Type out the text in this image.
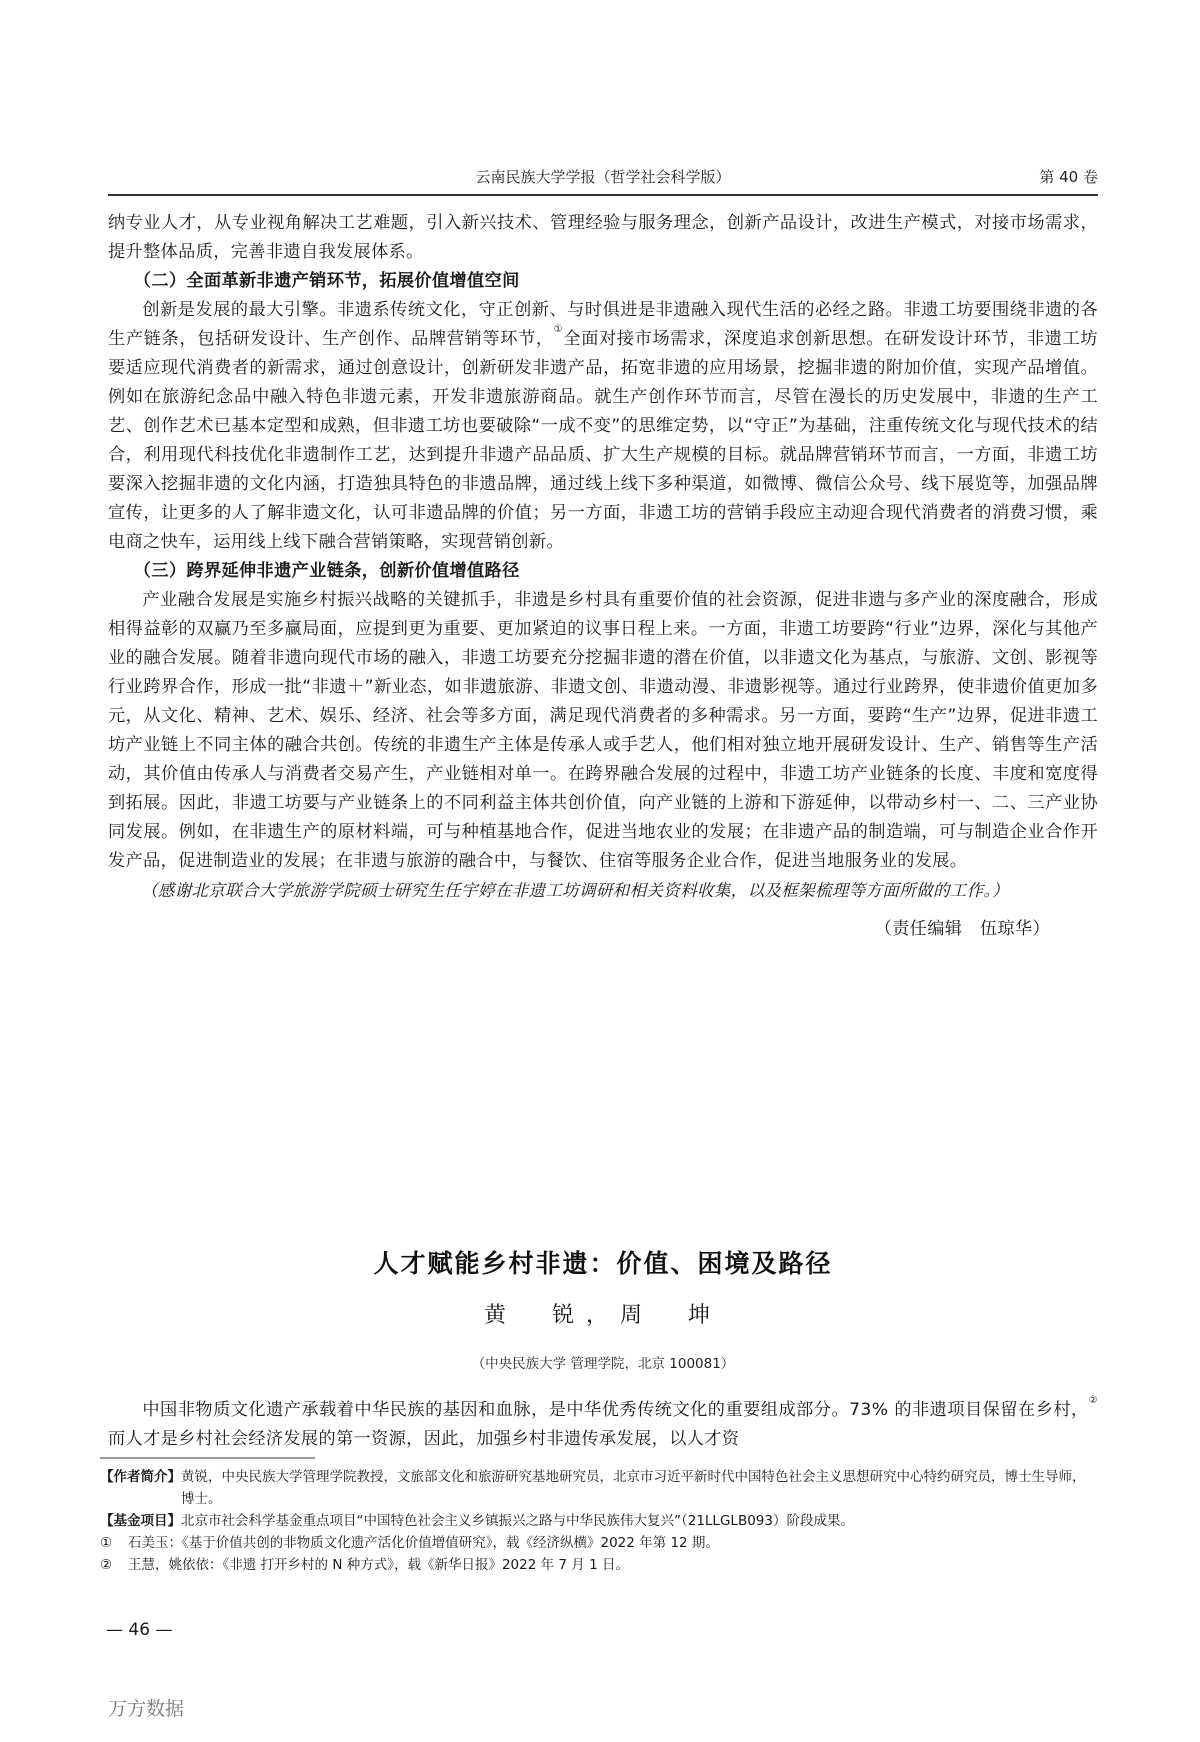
云南民族大学学报（哲学社会科学版）	第 40 卷

纳专业人才，从专业视角解决工艺难题，引入新兴技术、管理经验与服务理念，创新产品设计，改进生产模式，对接市场需求，提升整体品质，完善非遗自我发展体系。

（二）全面革新非遗产销环节，拓展价值增值空间

创新是发展的最大引擎。非遗系传统文化，守正创新、与时俱进是非遗融入现代生活的必经之路。非遗工坊要围绕非遗的各生产链条，包括研发设计、生产创作、品牌营销等环节，①全面对接市场需求，深度追求创新思想。在研发设计环节，非遗工坊要适应现代消费者的新需求，通过创意设计，创新研发非遗产品，拓宽非遗的应用场景，挖掘非遗的附加价值，实现产品增值。例如在旅游纪念品中融入特色非遗元素，开发非遗旅游商品。就生产创作环节而言，尽管在漫长的历史发展中，非遗的生产工艺、创作艺术已基本定型和成熟，但非遗工坊也要破除“一成不变”的思维定势，以“守正”为基础，注重传统文化与现代技术的结合，利用现代科技优化非遗制作工艺，达到提升非遗产品品质、扩大生产规模的目标。就品牌营销环节而言，一方面，非遗工坊要深入挖掘非遗的文化内涵，打造独具特色的非遗品牌，通过线上线下多种渠道，如微博、微信公众号、线下展览等，加强品牌宣传，让更多的人了解非遗文化，认可非遗品牌的价值；另一方面，非遗工坊的营销手段应主动迎合现代消费者的消费习惯，乘电商之快车，运用线上线下融合营销策略，实现营销创新。

（三）跨界延伸非遗产业链条，创新价值增值路径

产业融合发展是实施乡村振兴战略的关键抓手，非遗是乡村具有重要价值的社会资源，促进非遗与多产业的深度融合，形成相得益彰的双赢乃至多赢局面，应提到更为重要、更加紧迫的议事日程上来。一方面，非遗工坊要跨“行业”边界，深化与其他产业的融合发展。随着非遗向现代市场的融入，非遗工坊要充分挖掘非遗的潜在价值，以非遗文化为基点，与旅游、文创、影视等行业跨界合作，形成一批“非遗＋”新业态，如非遗旅游、非遗文创、非遗动漫、非遗影视等。通过行业跨界，使非遗价值更加多元，从文化、精神、艺术、娱乐、经济、社会等多方面，满足现代消费者的多种需求。另一方面，要跨“生产”边界，促进非遗工坊产业链上不同主体的融合共创。传统的非遗生产主体是传承人或手艺人，他们相对独立地开展研发设计、生产、销售等生产活动，其价值由传承人与消费者交易产生，产业链相对单一。在跨界融合发展的过程中，非遗工坊产业链条的长度、丰度和宽度得到拓展。因此，非遗工坊要与产业链条上的不同利益主体共创价值，向产业链的上游和下游延伸，以带动乡村一、二、三产业协同发展。例如，在非遗生产的原材料端，可与种植基地合作，促进当地农业的发展；在非遗产品的制造端，可与制造企业合作开发产品，促进制造业的发展；在非遗与旅游的融合中，与餐饮、住宿等服务企业合作，促进当地服务业的发展。

（感谢北京联合大学旅游学院硕士研究生任宇婷在非遗工坊调研和相关资料收集，以及框架梳理等方面所做的工作。）

（责任编辑　伍琼华）
人才赋能乡村非遗：价值、困境及路径
黄　锐，周　坤
（中央民族大学 管理学院，北京 100081）

中国非物质文化遗产承载着中华民族的基因和血脉，是中华优秀传统文化的重要组成部分。73% 的非遗项目保留在乡村，②而人才是乡村社会经济发展的第一资源，因此，加强乡村非遗传承发展，以人才资

【作者简介】 黄锐，中央民族大学管理学院教授，文旅部文化和旅游研究基地研究员，北京市习近平新时代中国特色社会主义思想研究中心特约研究员，博士生导师，博士。
【基金项目】 北京市社会科学基金重点项目“中国特色社会主义乡镇振兴之路与中华民族伟大复兴”（21LLGLB093）阶段成果。
①	石美玉：《基于价值共创的非物质文化遗产活化价值增值研究》，载《经济纵横》2022 年第 12 期。
②	王慧，姚依依：《非遗 打开乡村的 N 种方式》，载《新华日报》2022 年 7 月 1 日。
— 46 —
万方数据
